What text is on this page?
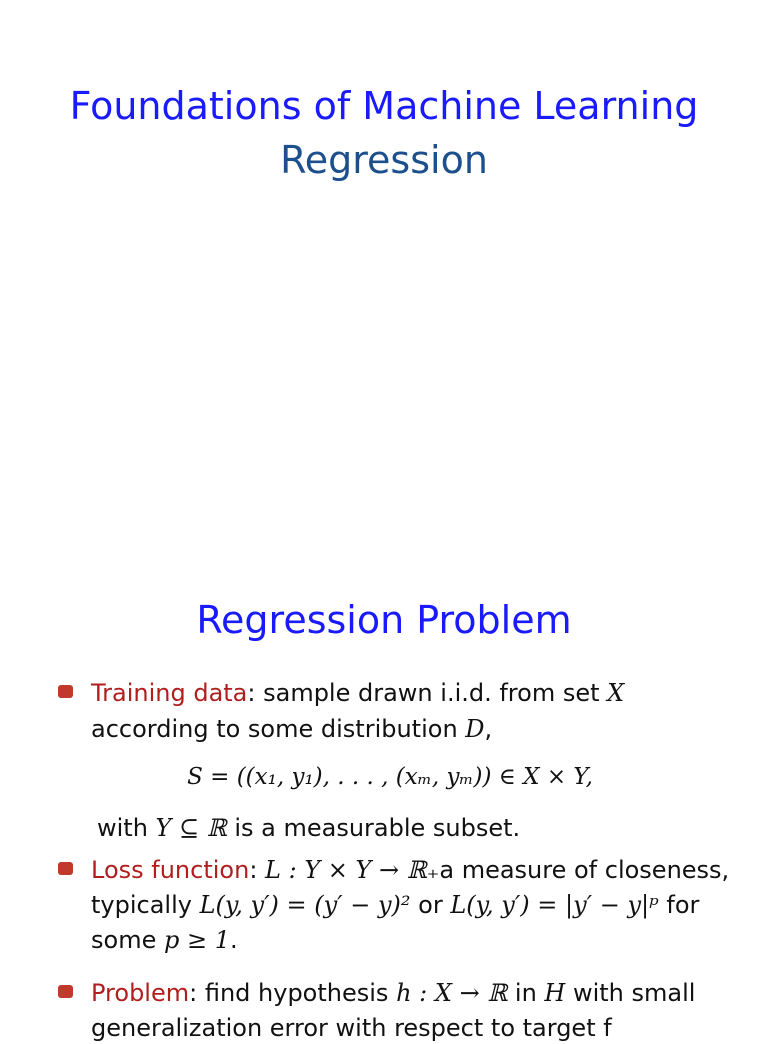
Foundations of Machine Learning
Regression
Regression Problem
Training data: sample drawn i.i.d. from set X
according to some distribution D,
S = ((x₁, y₁), . . . , (xₘ, yₘ)) ∈ X × Y,
with Y ⊆ ℝ is a measurable subset.
Loss function: L : Y × Y → ℝ₊a measure of closeness,
typically L(y, y′) = (y′ − y)² or L(y, y′) = |y′ − y|ᵖ for
some p ≥ 1.
Problem: find hypothesis h : X → ℝ in H with small
generalization error with respect to target f
